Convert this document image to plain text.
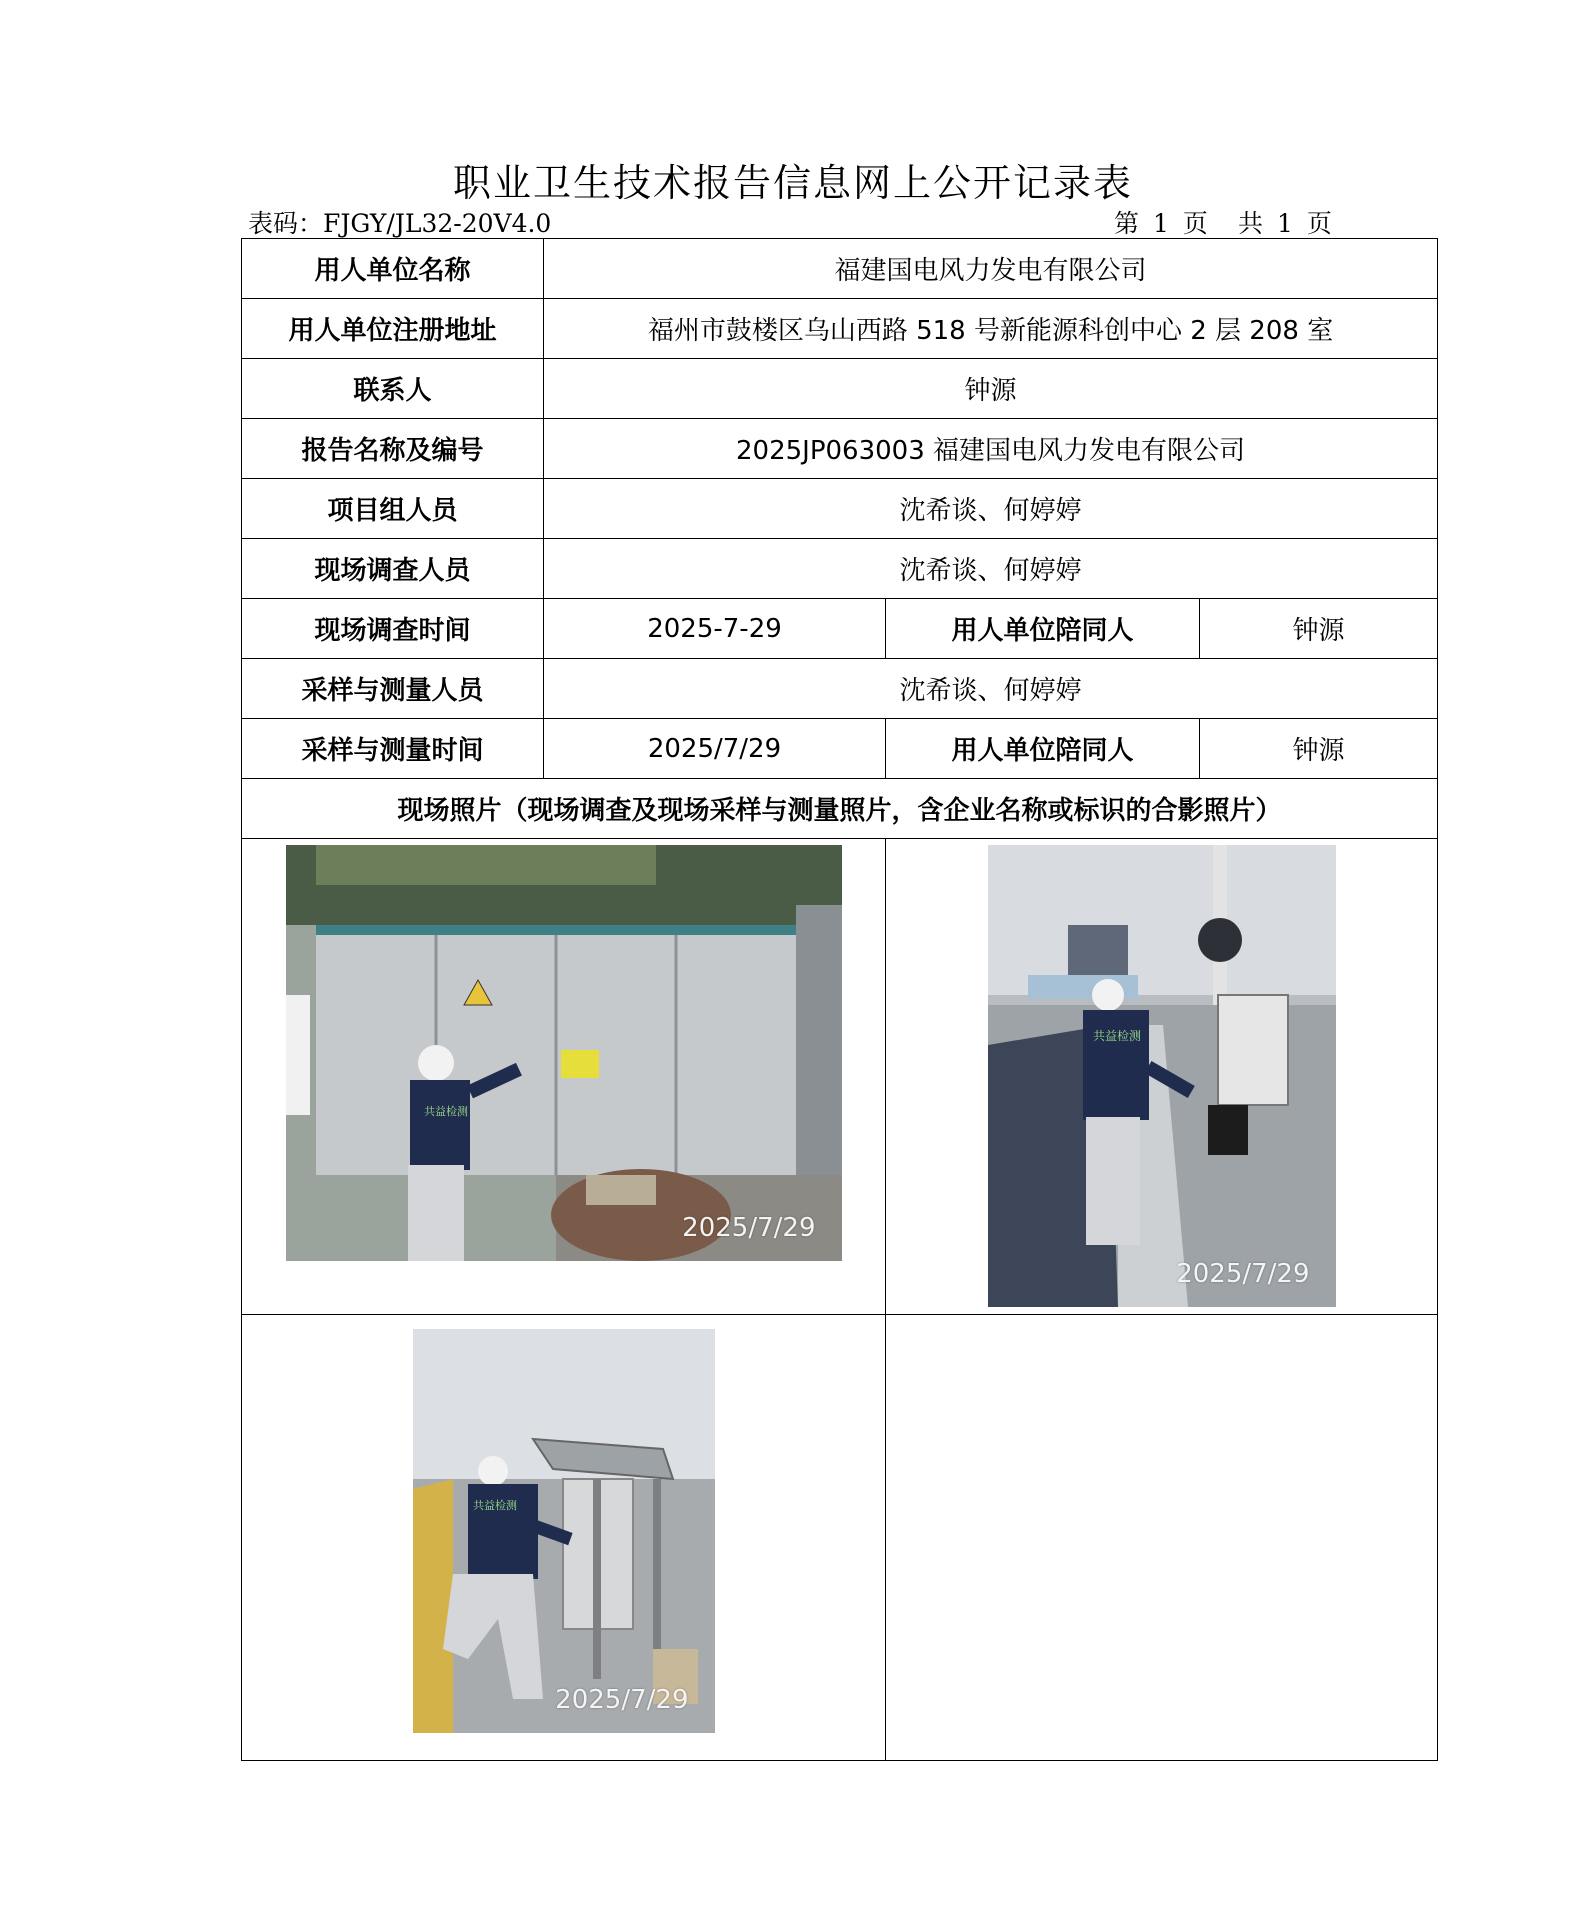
职业卫生技术报告信息网上公开记录表
表码：FJGY/JL32-20V4.0	第 1 页 共 1 页
用人单位名称	福建国电风力发电有限公司		
用人单位注册地址	福州市鼓楼区乌山西路 518 号新能源科创中心 2 层 208 室		
联系人	钟源		
报告名称及编号	2025JP063003 福建国电风力发电有限公司		
项目组人员	沈希谈、何婷婷		
现场调查人员	沈希谈、何婷婷		
现场调查时间	2025-7-29	用人单位陪同人	钟源
采样与测量人员	沈希谈、何婷婷		
采样与测量时间	2025/7/29	用人单位陪同人	钟源
现场照片（现场调查及现场采样与测量照片，含企业名称或标识的合影照片）			

共益检测
2025/7/29		共益检测
2025/7/29	

共益检测
2025/7/29			
